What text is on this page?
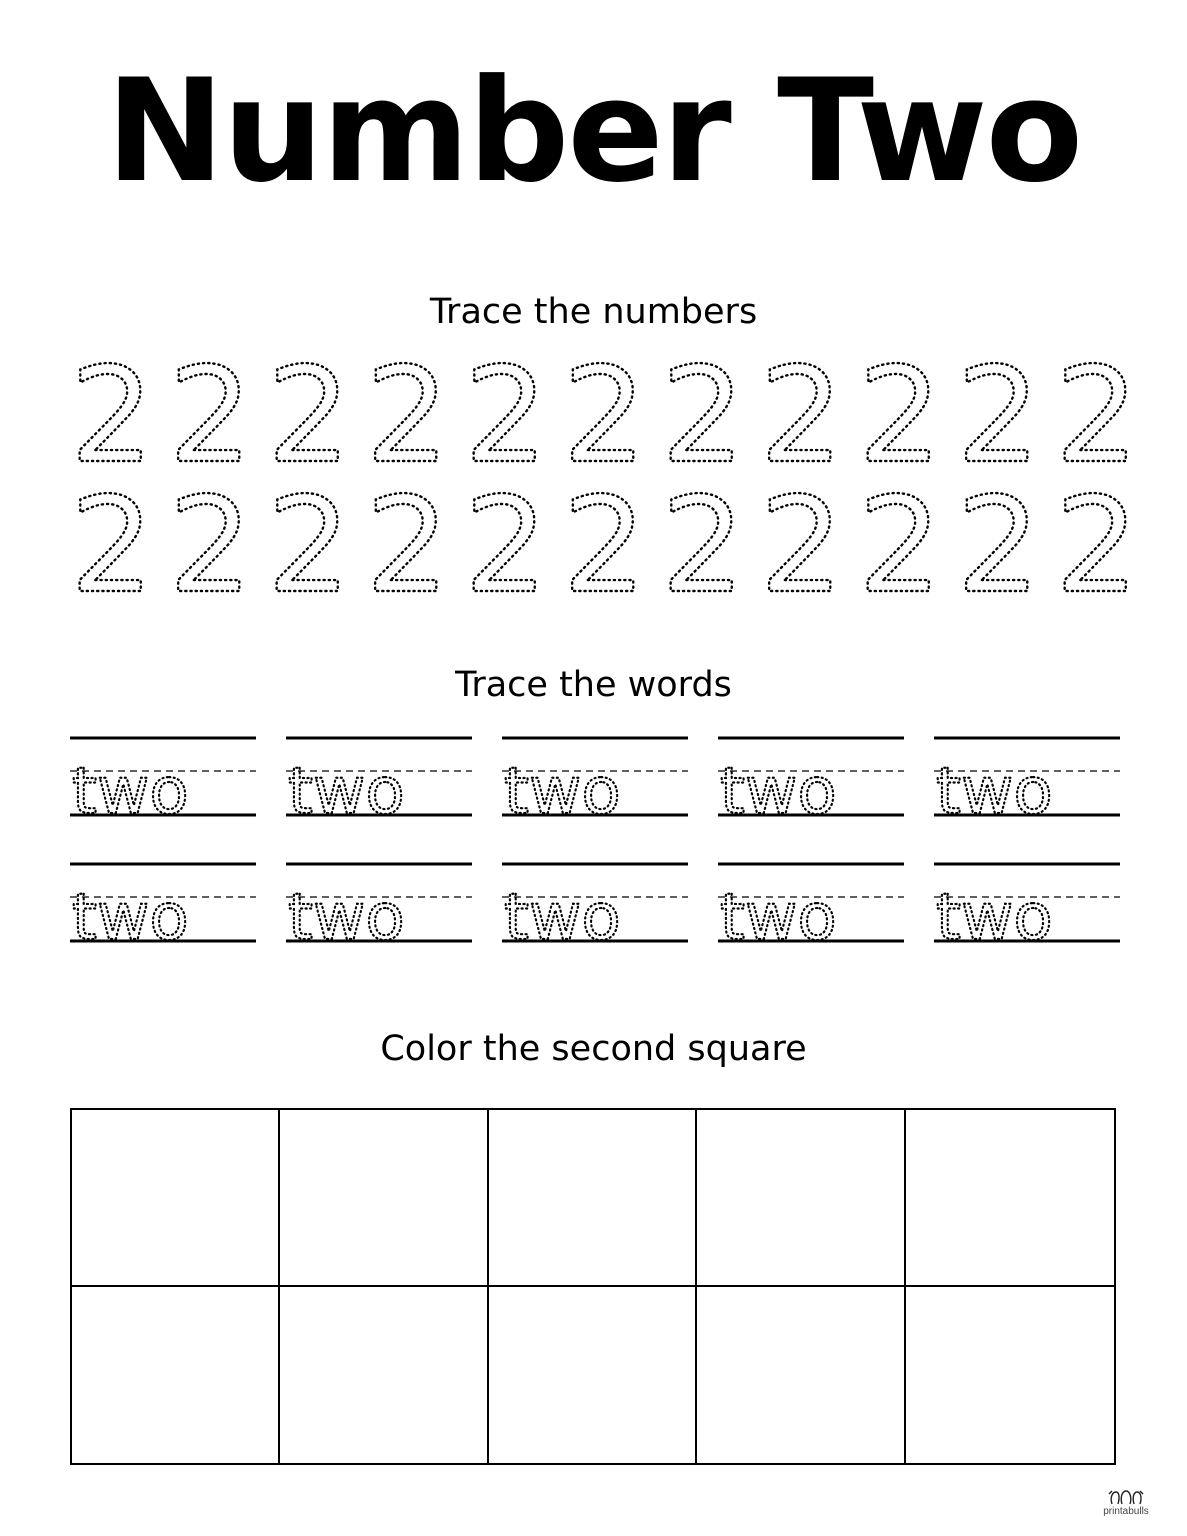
Number Two
Trace the numbers
2 2 2 2 2 2 2 2 2 2 2
2 2 2 2 2 2 2 2 2 2 2
Trace the words
two two two two two
two two two two two
Color the second square
printabulls
